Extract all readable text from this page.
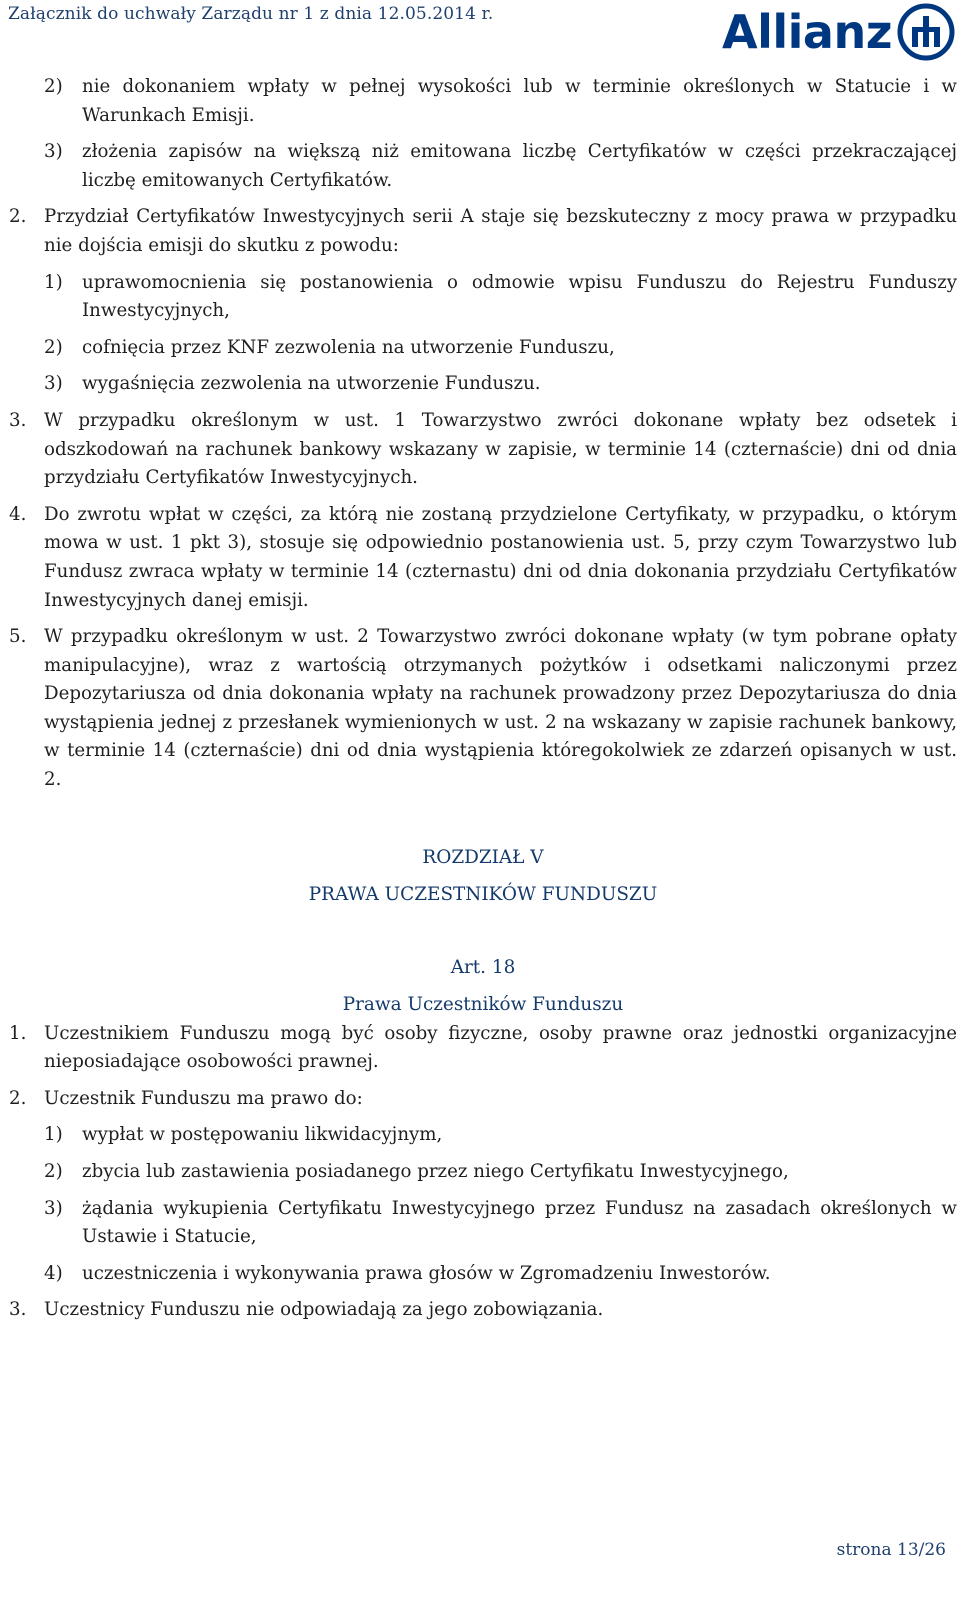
Załącznik do uchwały Zarządu nr 1 z dnia 12.05.2014 r.	Allianz
2)	nie dokonaniem wpłaty w pełnej wysokości lub w terminie określonych w Statucie i w Warunkach Emisji.
3)	złożenia zapisów na większą niż emitowana liczbę Certyfikatów w części przekraczającej liczbę emitowanych Certyfikatów.
2. Przydział Certyfikatów Inwestycyjnych serii A staje się bezskuteczny z mocy prawa w przypadku nie dojścia emisji do skutku z powodu:
1)	uprawomocnienia się postanowienia o odmowie wpisu Funduszu do Rejestru Funduszy Inwestycyjnych,
2)	cofnięcia przez KNF zezwolenia na utworzenie Funduszu,
3)	wygaśnięcia zezwolenia na utworzenie Funduszu.
3. W przypadku określonym w ust. 1 Towarzystwo zwróci dokonane wpłaty bez odsetek i odszkodowań na rachunek bankowy wskazany w zapisie, w terminie 14 (czternaście) dni od dnia przydziału Certyfikatów Inwestycyjnych.
4. Do zwrotu wpłat w części, za którą nie zostaną przydzielone Certyfikaty, w przypadku, o którym mowa w ust. 1 pkt 3), stosuje się odpowiednio postanowienia ust. 5, przy czym Towarzystwo lub Fundusz zwraca wpłaty w terminie 14 (czternastu) dni od dnia dokonania przydziału Certyfikatów Inwestycyjnych danej emisji.
5. W przypadku określonym w ust. 2 Towarzystwo zwróci dokonane wpłaty (w tym pobrane opłaty manipulacyjne), wraz z wartością otrzymanych pożytków i odsetkami naliczonymi przez Depozytariusza od dnia dokonania wpłaty na rachunek prowadzony przez Depozytariusza do dnia wystąpienia jednej z przesłanek wymienionych w ust. 2 na wskazany w zapisie rachunek bankowy, w terminie 14 (czternaście) dni od dnia wystąpienia któregokolwiek ze zdarzeń opisanych w ust. 2.
ROZDZIAŁ V
PRAWA UCZESTNIKÓW FUNDUSZU
Art. 18
Prawa Uczestników Funduszu
1. Uczestnikiem Funduszu mogą być osoby fizyczne, osoby prawne oraz jednostki organizacyjne nieposiadające osobowości prawnej.
2. Uczestnik Funduszu ma prawo do:
1)	wypłat w postępowaniu likwidacyjnym,
2)	zbycia lub zastawienia posiadanego przez niego Certyfikatu Inwestycyjnego,
3)	żądania wykupienia Certyfikatu Inwestycyjnego przez Fundusz na zasadach określonych w Ustawie i Statucie,
4)	uczestniczenia i wykonywania prawa głosów w Zgromadzeniu Inwestorów.
3. Uczestnicy Funduszu nie odpowiadają za jego zobowiązania.
strona 13/26
